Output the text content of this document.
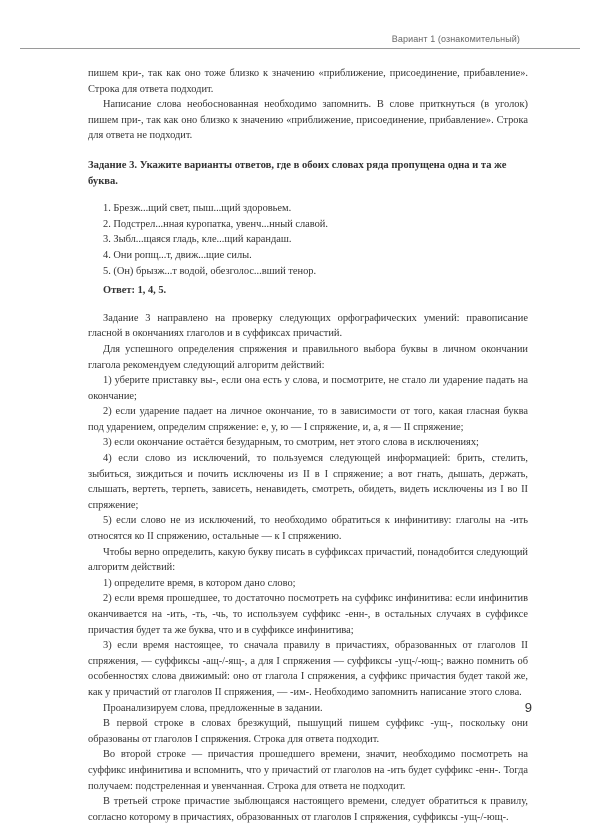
Вариант 1 (ознакомительный)

пишем кри-, так как оно тоже близко к значению «приближение, присоединение, прибавление». Строка для ответа подходит.

Написание слова необоснованная необходимо запомнить. В слове приткнуться (в уголок) пишем при-, так как оно близко к значению «приближение, присоединение, прибавление». Строка для ответа не подходит.

Задание 3. Укажите варианты ответов, где в обоих словах ряда пропущена одна и та же буква.

1. Брезж...щий свет, пыш...щий здоровьем.

2. Подстрел...нная куропатка, увенч...нный славой.

3. Зыбл...щаяся гладь, кле...щий карандаш.

4. Они ропщ...т, движ...щие силы.

5. (Он) брызж...т водой, обезголос...вший тенор.

Ответ: 1, 4, 5.

Задание 3 направлено на проверку следующих орфографических умений: правописание гласной в окончаниях глаголов и в суффиксах причастий.

Для успешного определения спряжения и правильного выбора буквы в личном окончании глагола рекомендуем следующий алгоритм действий:

1) уберите приставку вы-, если она есть у слова, и посмотрите, не стало ли ударение падать на окончание;

2) если ударение падает на личное окончание, то в зависимости от того, какая гласная буква под ударением, определим спряжение: е, у, ю — I спряжение, и, а, я — II спряжение;

3) если окончание остаётся безударным, то смотрим, нет этого слова в исключениях;

4) если слово из исключений, то пользуемся следующей информацией: брить, стелить, зыбиться, зиждиться и почить исключены из II в I спряжение; а вот гнать, дышать, держать, слышать, вертеть, терпеть, зависеть, ненавидеть, смотреть, обидеть, видеть исключены из I во II спряжение;

5) если слово не из исключений, то необходимо обратиться к инфинитиву: глаголы на -ить относятся ко II спряжению, остальные — к I спряжению.

Чтобы верно определить, какую букву писать в суффиксах причастий, понадобится следующий алгоритм действий:

1) определите время, в котором дано слово;

2) если время прошедшее, то достаточно посмотреть на суффикс инфинитива: если инфинитив оканчивается на -ить, -ть, -чь, то используем суффикс -енн-, в остальных случаях в суффиксе причастия будет та же буква, что и в суффиксе инфинитива;

3) если время настоящее, то сначала правилу в причастиях, образованных от глаголов II спряжения, — суффиксы -ащ-/-ящ-, а для I спряжения — суффиксы -ущ-/-ющ-; важно помнить об особенностях слова движимый: оно от глагола I спряжения, а суффикс причастия будет такой же, как у причастий от глаголов II спряжения, — -им-. Необходимо запомнить написание этого слова.

Проанализируем слова, предложенные в задании.

В первой строке в словах брезжущий, пышущий пишем суффикс -ущ-, поскольку они образованы от глаголов I спряжения. Строка для ответа подходит.

Во второй строке — причастия прошедшего времени, значит, необходимо посмотреть на суффикс инфинитива и вспомнить, что у причастий от глаголов на -ить будет суффикс -енн-. Тогда получаем: подстреленная и увенчанная. Строка для ответа не подходит.

В третьей строке причастие зыблющаяся настоящего времени, следует обратиться к правилу, согласно которому в причастиях, образованных от глаголов I спряжения, суффиксы -ущ-/-ющ-.

9
